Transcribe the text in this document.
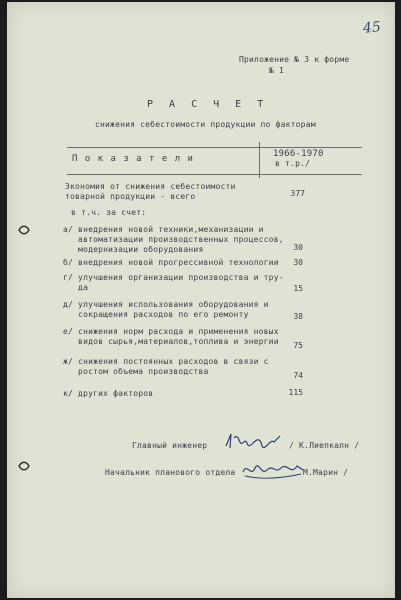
45
Приложение № 3 к форме
№ 1
Р А С Ч Е Т
снижения себестоимости продукции по факторам
П о к а з а т е л и	1966-1970
в т.р./
Экономия от снижения себестоимости
товарной продукции - всего	377
в т.ч. за счет:
а/ внедрения новой техники,механизации и
автоматизации производственных процессов,
модернизации оборудования	30
б/ внедрения новой прогрессивной технологии	30
г/ улучшения организации производства и тру-
да	15
д/ улучшения использования оборудования и
сокращения расходов по его ремонту	38
е/ снижения норм расхода и применения новых
видов сырья,материалов,топлива и энергии	75
ж/ снижения постоянных расходов в связи с
ростом объема производства	74
к/ других факторов	115
Главный инженер	/ К.Лиепкалн /
Начальник планового отдела	М.Марин /
